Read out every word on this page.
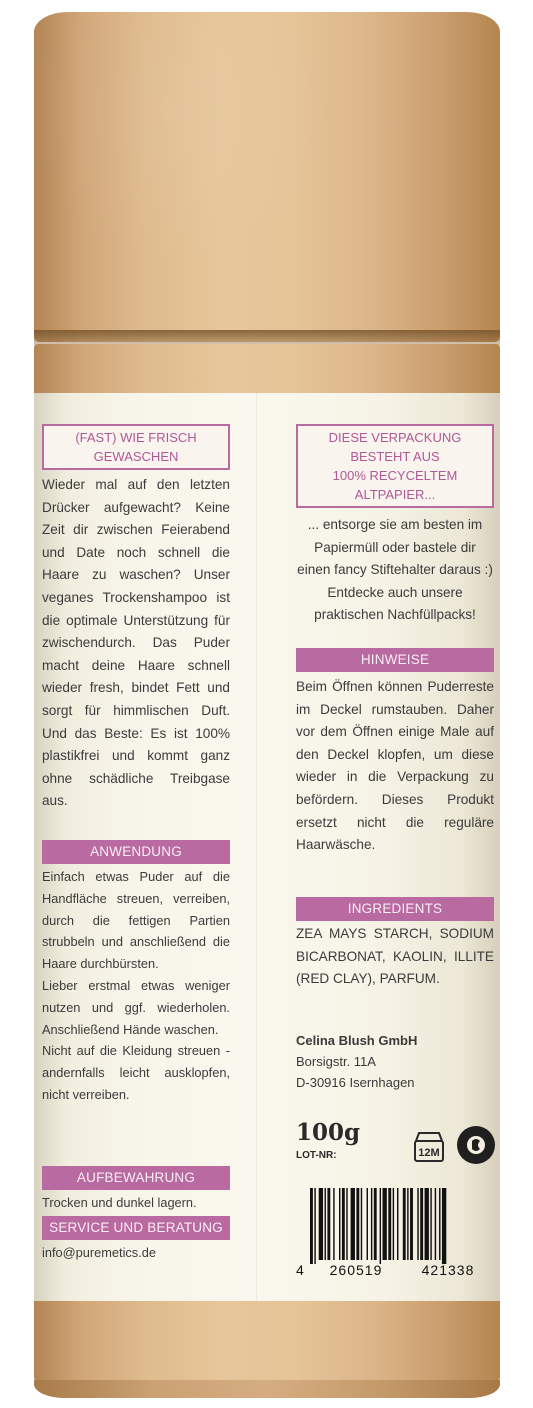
(FAST) WIE FRISCH GEWASCHEN

Wieder mal auf den letzten Drücker aufgewacht? Keine Zeit dir zwischen Feierabend und Date noch schnell die Haare zu waschen? Unser veganes Trockenshampoo ist die optimale Unterstützung für zwischendurch. Das Puder macht deine Haare schnell wieder fresh, bindet Fett und sorgt für himmlischen Duft. Und das Beste: Es ist 100% plastikfrei und kommt ganz ohne schädliche Treibgase aus.

ANWENDUNG

Einfach etwas Puder auf die Handfläche streuen, verreiben, durch die fettigen Partien strubbeln und anschließend die Haare durchbürsten.

Lieber erstmal etwas weniger nutzen und ggf. wiederholen. Anschließend Hände waschen.

Nicht auf die Kleidung streuen - andernfalls leicht ausklopfen, nicht verreiben.

AUFBEWAHRUNG

Trocken und dunkel lagern.

SERVICE UND BERATUNG

info@puremetics.de

DIESE VERPACKUNG BESTEHT AUS
100% RECYCELTEM ALTPAPIER...

... entsorge sie am besten im Papiermüll oder bastele dir einen fancy Stiftehalter daraus :) Entdecke auch unsere praktischen Nachfüllpacks!

HINWEISE

Beim Öffnen können Puderreste im Deckel rumstauben. Daher vor dem Öffnen einige Male auf den Deckel klopfen, um diese wieder in die Verpackung zu befördern. Dieses Produkt ersetzt nicht die reguläre Haarwäsche.

INGREDIENTS

ZEA MAYS STARCH, SODIUM BICARBONAT, KAOLIN, ILLITE (RED CLAY), PARFUM.

Celina Blush GmbH
Borsigstr. 11A
D-30916 Isernhagen
100g
LOT-NR:	12M
4	260519	421338
